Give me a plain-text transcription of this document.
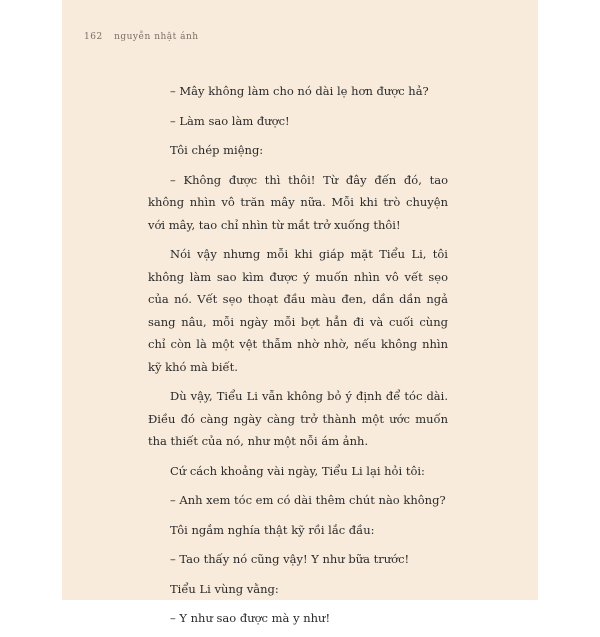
162 nguyễn nhật ánh

– Mây không làm cho nó dài lẹ hơn được hả?

– Làm sao làm được!

Tôi chép miệng:

– Không được thì thôi! Từ đây đến đó, tao không nhìn vô trăn mây nữa. Mỗi khi trò chuyện với mây, tao chỉ nhìn từ mắt trở xuống thôi!

Nói vậy nhưng mỗi khi giáp mặt Tiểu Li, tôi không làm sao kìm được ý muốn nhìn vô vết sẹo của nó. Vết sẹo thoạt đầu màu đen, dần dần ngả sang nâu, mỗi ngày mỗi bợt hẳn đi và cuối cùng chỉ còn là một vệt thẫm nhờ nhờ, nếu không nhìn kỹ khó mà biết.

Dù vậy, Tiểu Li vẫn không bỏ ý định để tóc dài. Điều đó càng ngày càng trở thành một ước muốn tha thiết của nó, như một nỗi ám ảnh.

Cứ cách khoảng vài ngày, Tiểu Li lại hỏi tôi:

– Anh xem tóc em có dài thêm chút nào không?

Tôi ngắm nghía thật kỹ rồi lắc đầu:

– Tao thấy nó cũng vậy! Y như bữa trước!

Tiểu Li vùng vằng:

– Y như sao được mà y như!
